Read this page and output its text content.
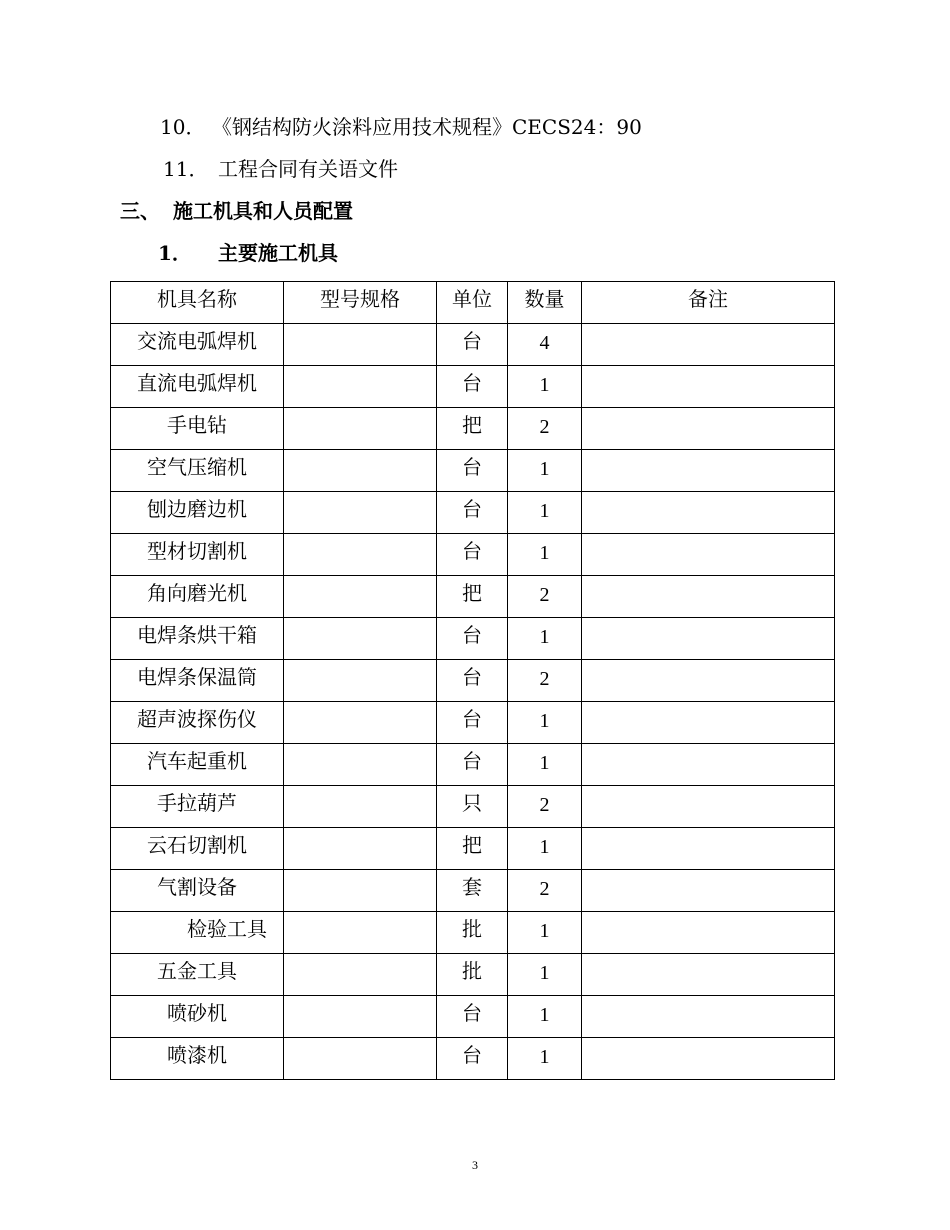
10． 《钢结构防火涂料应用技术规程》CECS24：90
11． 工程合同有关语文件
三、 施工机具和人员配置
1． 主要施工机具
机具名称	型号规格	单位	数量	备注
交流电弧焊机		台	4	
直流电弧焊机		台	1	
手电钻		把	2	
空气压缩机		台	1	
刨边磨边机		台	1	
型材切割机		台	1	
角向磨光机		把	2	
电焊条烘干箱		台	1	
电焊条保温筒		台	2	
超声波探伤仪		台	1	
汽车起重机		台	1	
手拉葫芦		只	2	
云石切割机		把	1	
气割设备		套	2	
检验工具		批	1	
五金工具		批	1	
喷砂机		台	1	
喷漆机		台	1	
3
